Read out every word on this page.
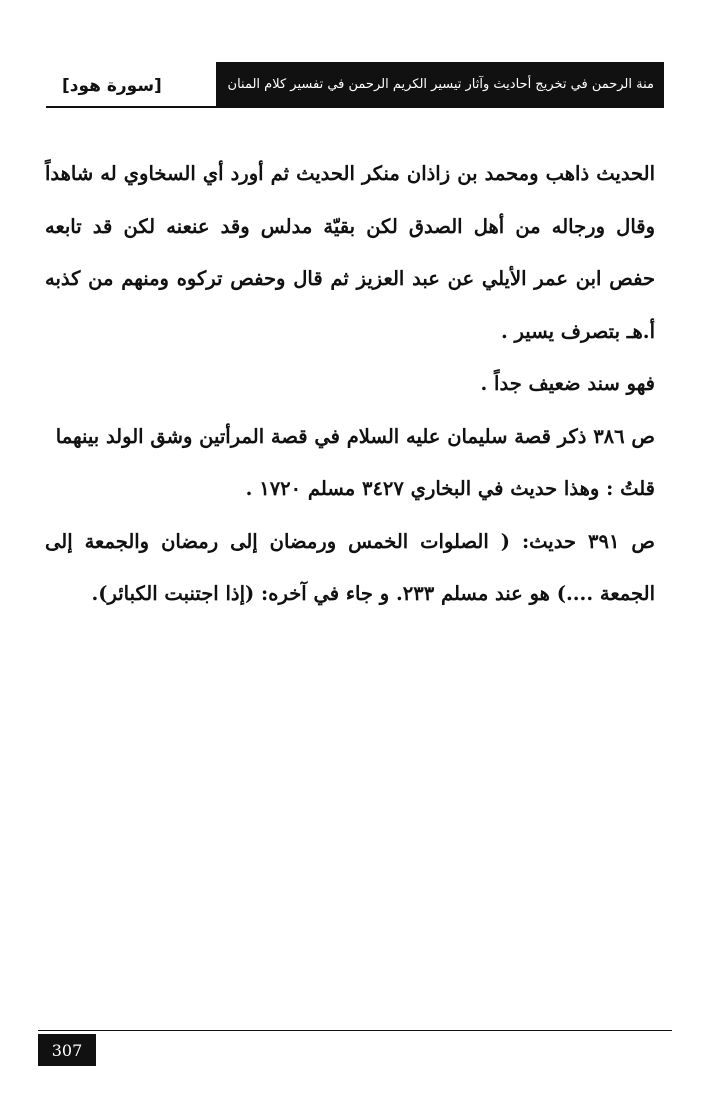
منة الرحمن في تخريج أحاديث وآثار تيسير الكريم الرحمن في تفسير كلام المنان
[سورة هود]

الحديث ذاهب ومحمد بن زاذان منكر الحديث ثم أورد أي السخاوي له شاهداً وقال ورجاله من أهل الصدق لكن بقيّة مدلس وقد عنعنه لكن قد تابعه حفص ابن عمر الأيلي عن عبد العزيز ثم قال وحفص تركوه ومنهم من كذبه أ.هـ بتصرف يسير .

فهو سند ضعيف جداً .

ص ٣٨٦ ذكر قصة سليمان عليه السلام في قصة المرأتين وشق الولد بينهما

قلتُ : وهذا حديث في البخاري ٣٤٢٧ مسلم ١٧٢٠ .

ص ٣٩١ حديث: ( الصلوات الخمس ورمضان إلى رمضان والجمعة إلى الجمعة ....) هو عند مسلم ٢٣٣. و جاء في آخره: (إذا اجتنبت الكبائر).

307
